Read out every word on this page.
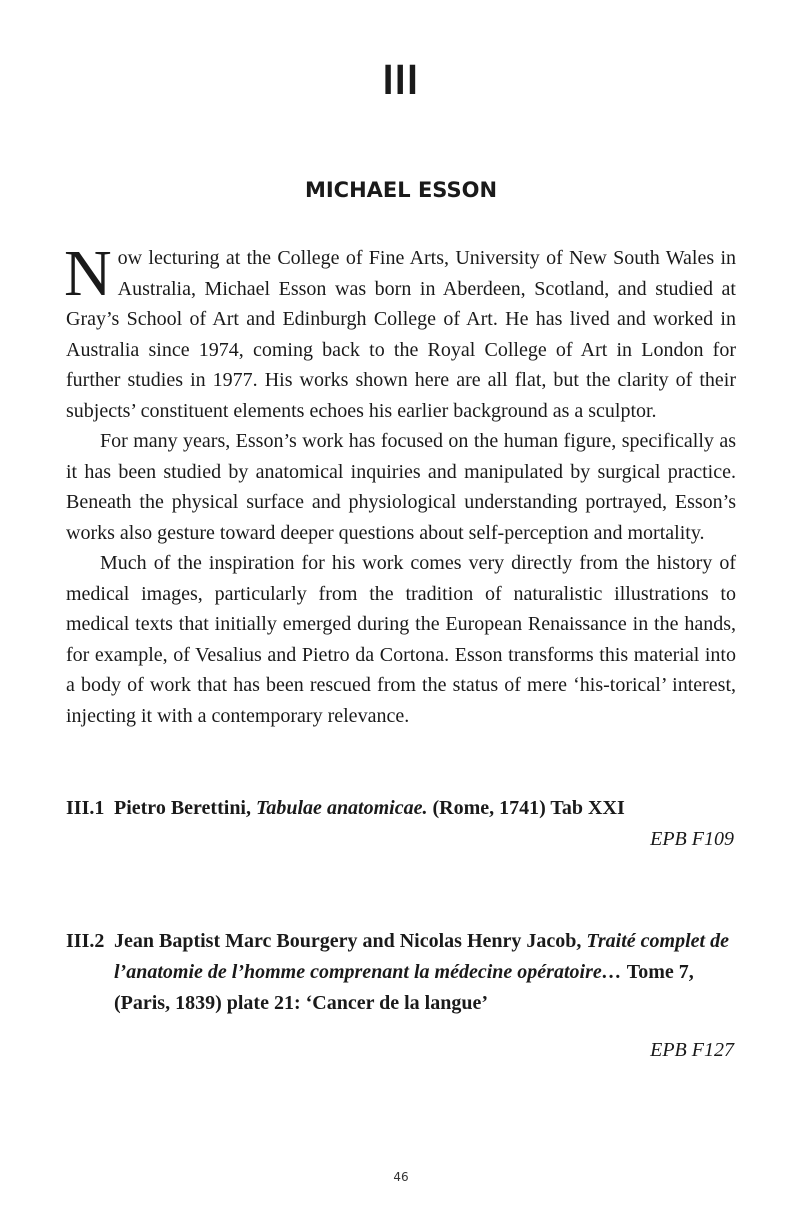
III
MICHAEL ESSON

Now lecturing at the College of Fine Arts, University of New South Wales in Australia, Michael Esson was born in Aberdeen, Scotland, and studied at Gray’s School of Art and Edinburgh College of Art. He has lived and worked in Australia since 1974, coming back to the Royal College of Art in London for further studies in 1977. His works shown here are all flat, but the clarity of their subjects’ constituent elements echoes his earlier background as a sculptor.

For many years, Esson’s work has focused on the human figure, specifically as it has been studied by anatomical inquiries and manipulated by surgical practice. Beneath the physical surface and physiological understanding portrayed, Esson’s works also gesture toward deeper questions about self-perception and mortality.

Much of the inspiration for his work comes very directly from the history of medical images, particularly from the tradition of naturalistic illustrations to medical texts that initially emerged during the European Renaissance in the hands, for example, of Vesalius and Pietro da Cortona. Esson transforms this material into a body of work that has been rescued from the status of mere ‘his-torical’ interest, injecting it with a contemporary relevance.

III.1 Pietro Berettini, Tabulae anatomicae. (Rome, 1741) Tab XXI
EPB F109
III.2 Jean Baptist Marc Bourgery and Nicolas Henry Jacob, Traité complet de l’anatomie de l’homme comprenant la médecine opératoire… Tome 7, (Paris, 1839) plate 21: ‘Cancer de la langue’
EPB F127
46
